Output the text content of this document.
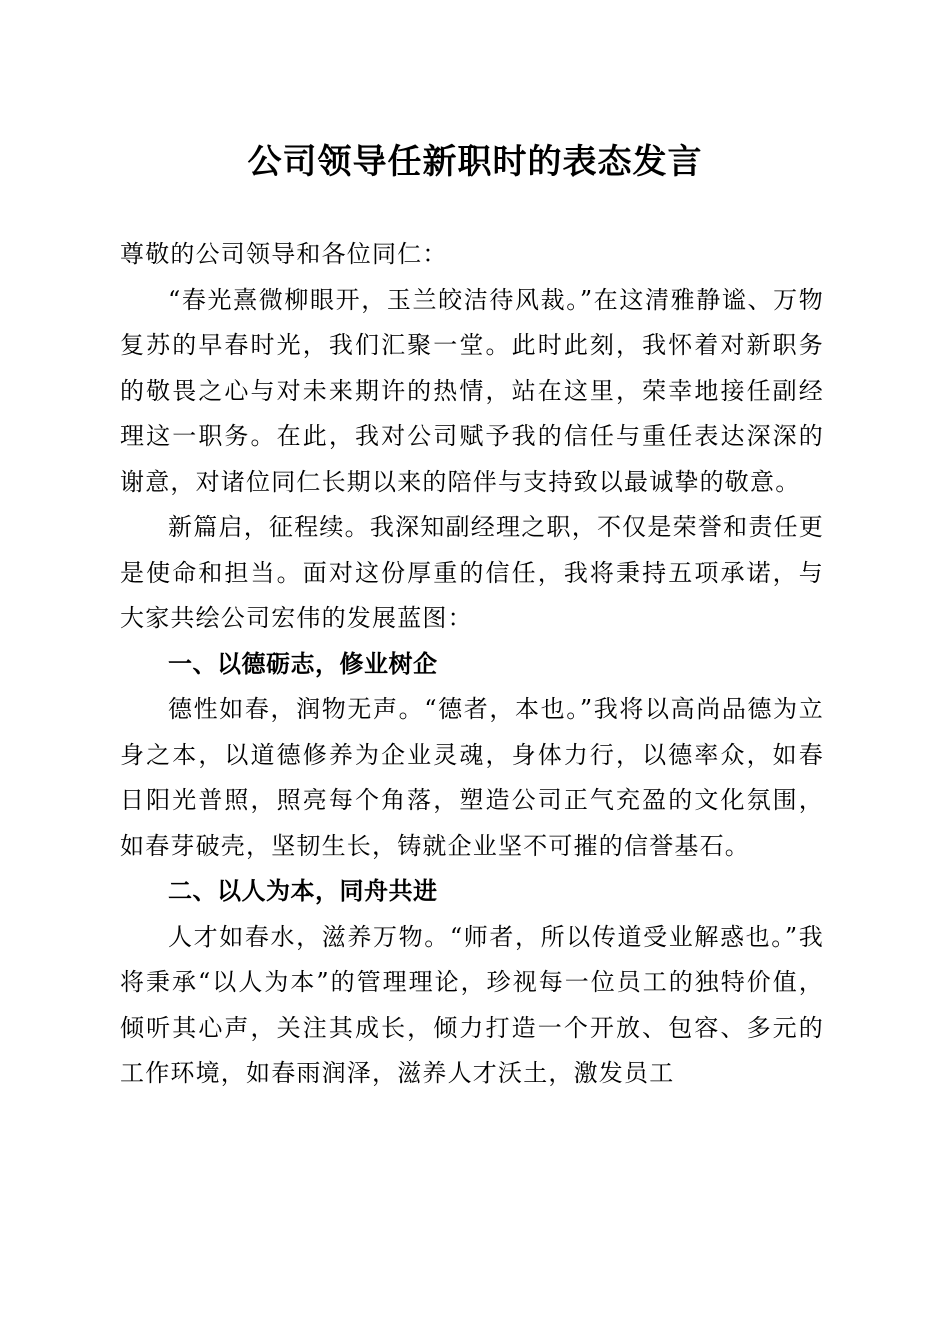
公司领导任新职时的表态发言

尊敬的公司领导和各位同仁：

“春光熹微柳眼开，玉兰皎洁待风裁。”在这清雅静谧、万物复苏的早春时光，我们汇聚一堂。此时此刻，我怀着对新职务的敬畏之心与对未来期许的热情，站在这里，荣幸地接任副经理这一职务。在此，我对公司赋予我的信任与重任表达深深的谢意，对诸位同仁长期以来的陪伴与支持致以最诚挚的敬意。

新篇启，征程续。我深知副经理之职，不仅是荣誉和责任更是使命和担当。面对这份厚重的信任，我将秉持五项承诺，与大家共绘公司宏伟的发展蓝图：

一、以德砺志，修业树企

德性如春，润物无声。“德者，本也。”我将以高尚品德为立身之本，以道德修养为企业灵魂，身体力行，以德率众，如春日阳光普照，照亮每个角落，塑造公司正气充盈的文化氛围，如春芽破壳，坚韧生长，铸就企业坚不可摧的信誉基石。

二、以人为本，同舟共进

人才如春水，滋养万物。“师者，所以传道受业解惑也。”我将秉承“以人为本”的管理理论，珍视每一位员工的独特价值，倾听其心声，关注其成长，倾力打造一个开放、包容、多元的工作环境，如春雨润泽，滋养人才沃土，激发员工
